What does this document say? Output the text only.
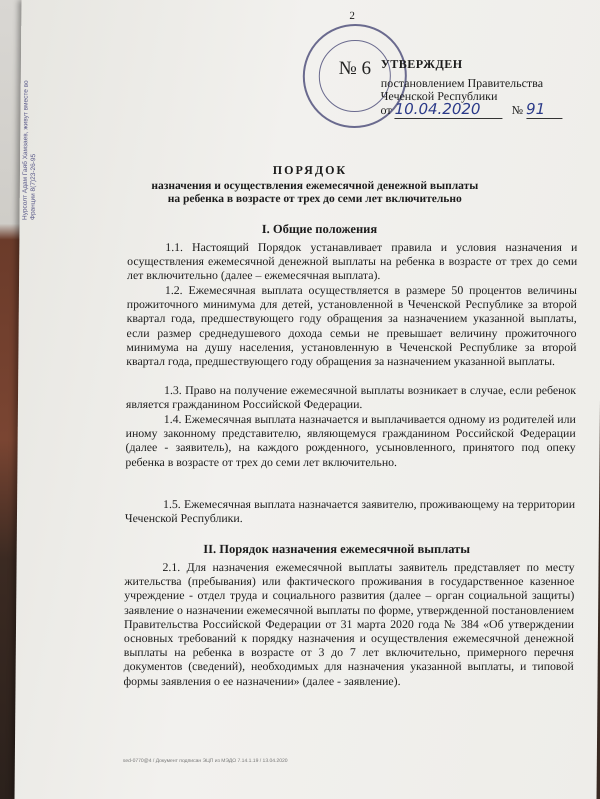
Нурсолт Адам Гаяб Хамзаев, живут вместе во Франции 8(7)23-26-95
2
№ 6 УТВЕРЖДЕН
постановлением Правительства
Чеченской Республики
от 10.04.2020	№ 91
ПОРЯДОК
назначения и осуществления ежемесячной денежной выплаты
на ребенка в возрасте от трех до семи лет включительно
I. Общие положения
1.1. Настоящий Порядок устанавливает правила и условия назначения и осуществления ежемесячной денежной выплаты на ребенка в возрасте от трех до семи лет включительно (далее – ежемесячная выплата).
1.2. Ежемесячная выплата осуществляется в размере 50 процентов величины прожиточного минимума для детей, установленной в Чеченской Республике за второй квартал года, предшествующего году обращения за назначением указанной выплаты, если размер среднедушевого дохода семьи не превышает величину прожиточного минимума на душу населения, установленную в Чеченской Республике за второй квартал года, предшествующего году обращения за назначением указанной выплаты.
1.3. Право на получение ежемесячной выплаты возникает в случае, если ребенок является гражданином Российской Федерации.
1.4. Ежемесячная выплата назначается и выплачивается одному из родителей или иному законному представителю, являющемуся гражданином Российской Федерации (далее - заявитель), на каждого рожденного, усыновленного, принятого под опеку ребенка в возрасте от трех до семи лет включительно.
1.5. Ежемесячная выплата назначается заявителю, проживающему на территории Чеченской Республики.
II. Порядок назначения ежемесячной выплаты
2.1. Для назначения ежемесячной выплаты заявитель представляет по месту жительства (пребывания) или фактического проживания в государственное казенное учреждение - отдел труда и социального развития (далее – орган социальной защиты) заявление о назначении ежемесячной выплаты по форме, утвержденной постановлением Правительства Российской Федерации от 31 марта 2020 года № 384 «Об утверждении основных требований к порядку назначения и осуществления ежемесячной денежной выплаты на ребенка в возрасте от 3 до 7 лет включительно, примерного перечня документов (сведений), необходимых для назначения указанной выплаты, и типовой формы заявления о ее назначении» (далее - заявление).
sed-0770@4 / Документ подписан ЭЦП из МЭДО 7.14.1.19 / 13.04.2020
